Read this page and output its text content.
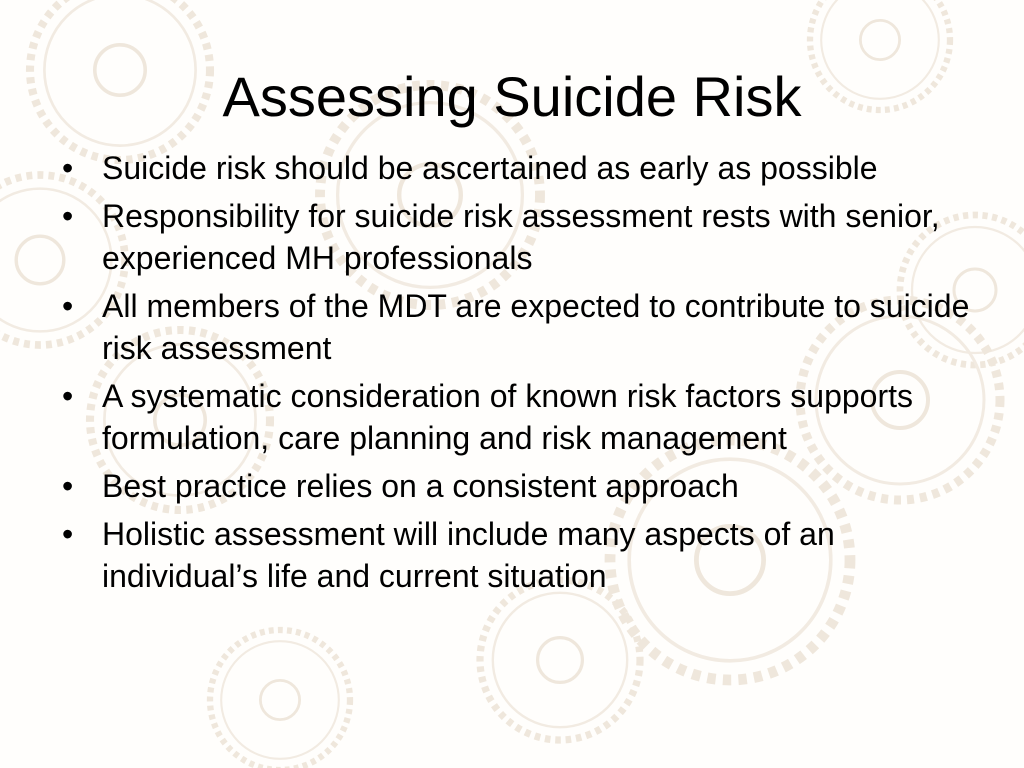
Assessing Suicide Risk
• Suicide risk should be ascertained as early as possible
• Responsibility for suicide risk assessment rests with senior, experienced MH professionals
• All members of the MDT are expected to contribute to suicide risk assessment
• A systematic consideration of known risk factors supports formulation, care planning and risk management
• Best practice relies on a consistent approach
• Holistic assessment will include many aspects of an individual’s life and current situation
